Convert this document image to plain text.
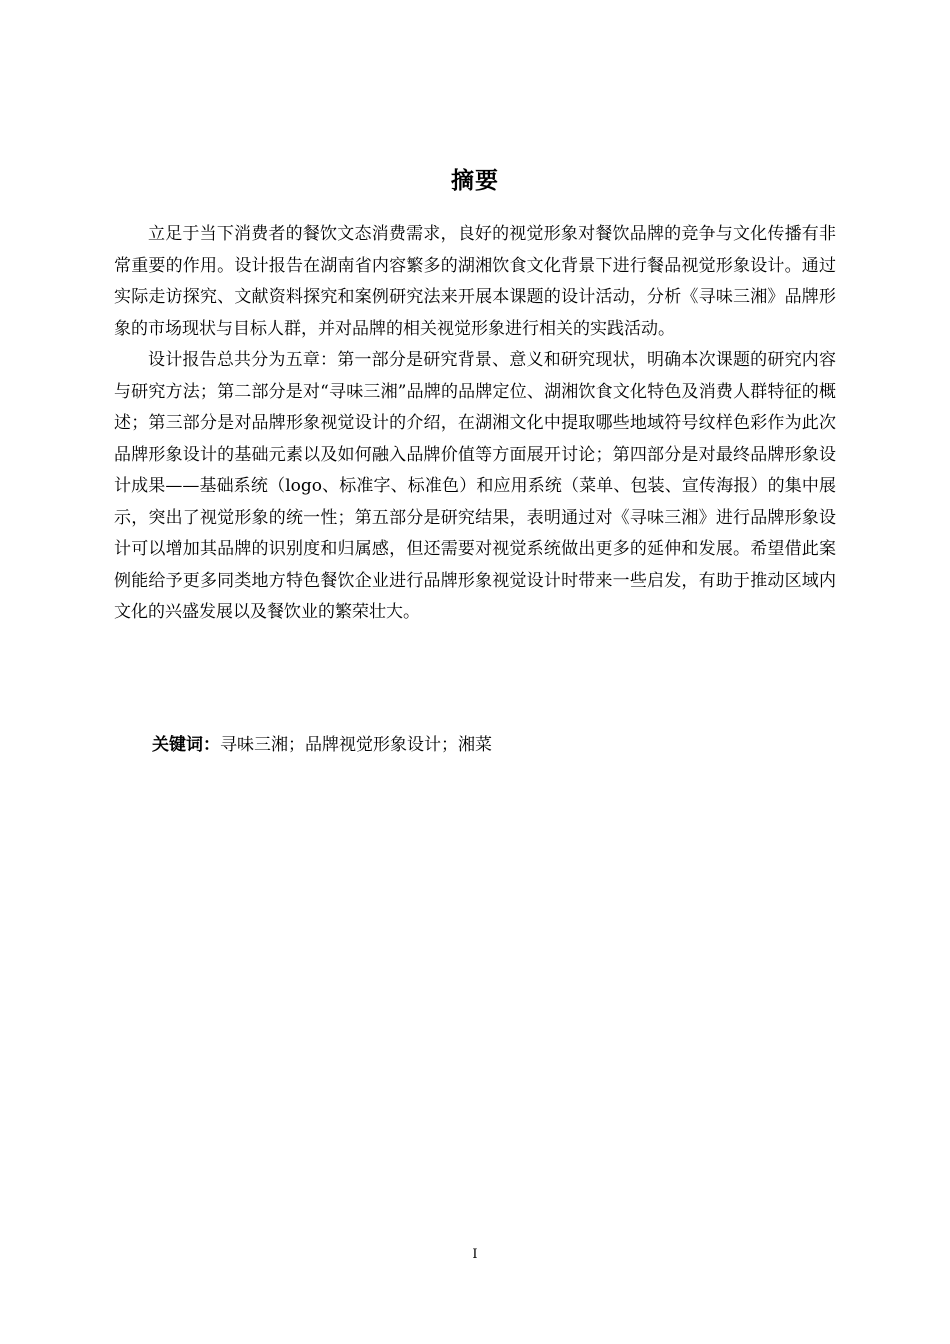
摘要

立足于当下消费者的餐饮文态消费需求，良好的视觉形象对餐饮品牌的竞争与文化传播有非常重要的作用。设计报告在湖南省内容繁多的湖湘饮食文化背景下进行餐品视觉形象设计。通过实际走访探究、文献资料探究和案例研究法来开展本课题的设计活动，分析《寻味三湘》品牌形象的市场现状与目标人群，并对品牌的相关视觉形象进行相关的实践活动。

设计报告总共分为五章：第一部分是研究背景、意义和研究现状，明确本次课题的研究内容与研究方法；第二部分是对“寻味三湘”品牌的品牌定位、湖湘饮食文化特色及消费人群特征的概述；第三部分是对品牌形象视觉设计的介绍，在湖湘文化中提取哪些地域符号纹样色彩作为此次品牌形象设计的基础元素以及如何融入品牌价值等方面展开讨论；第四部分是对最终品牌形象设计成果——基础系统（logo、标准字、标准色）和应用系统（菜单、包装、宣传海报）的集中展示，突出了视觉形象的统一性；第五部分是研究结果，表明通过对《寻味三湘》进行品牌形象设计可以增加其品牌的识别度和归属感，但还需要对视觉系统做出更多的延伸和发展。希望借此案例能给予更多同类地方特色餐饮企业进行品牌形象视觉设计时带来一些启发，有助于推动区域内文化的兴盛发展以及餐饮业的繁荣壮大。

关键词：寻味三湘；品牌视觉形象设计；湘菜
I
